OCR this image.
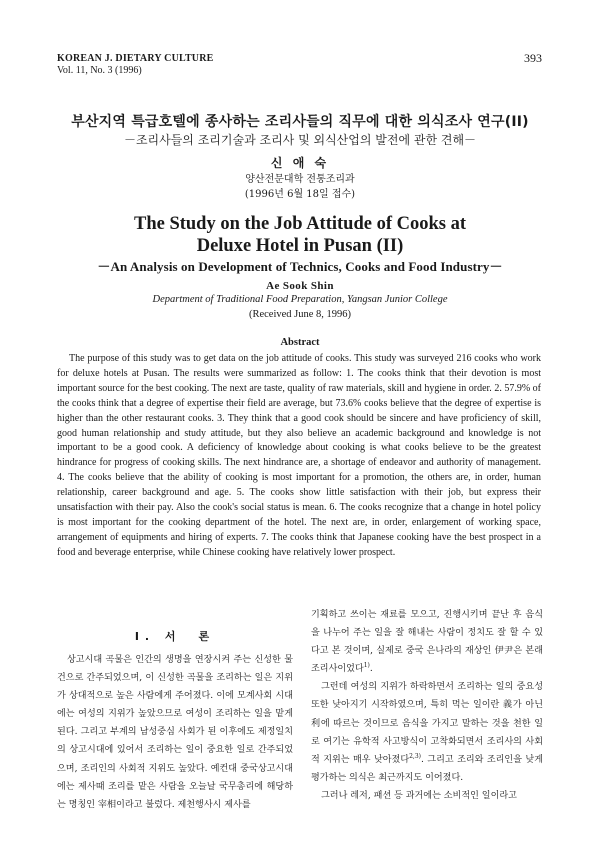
KOREAN J. DIETARY CULTURE
Vol. 11, No. 3 (1996)
393
부산지역 특급호텔에 종사하는 조리사들의 직무에 대한 의식조사 연구(II)
－조리사들의 조리기술과 조리사 및 외식산업의 발전에 관한 견해－
신 애 숙
양산전문대학 전통조리과
(1996년 6월 18일 접수)
The Study on the Job Attitude of Cooks at
Deluxe Hotel in Pusan (II)
－An Analysis on Development of Technics, Cooks and Food Industry－
Ae Sook Shin
Department of Traditional Food Preparation, Yangsan Junior College
(Received June 8, 1996)
Abstract

The purpose of this study was to get data on the job attitude of cooks. This study was surveyed 216 cooks who work for deluxe hotels at Pusan. The results were summarized as follow: 1. The cooks think that their devotion is most important source for the best cooking. The next are taste, quality of raw materials, skill and hygiene in order. 2. 57.9% of the cooks think that a degree of expertise their field are average, but 73.6% cooks believe that the degree of expertise is higher than the other restaurant cooks. 3. They think that a good cook should be sincere and have proficiency of skill, good human relationship and study attitude, but they also believe an academic background and knowledge is not important to be a good cook. A deficiency of knowledge about cooking is what cooks believe to be the greatest hindrance for progress of cooking skills. The next hindrance are, a shortage of endeavor and authority of management. 4. The cooks believe that the ability of cooking is most important for a promotion, the others are, in order, human relationship, career background and age. 5. The cooks show little satisfaction with their job, but express their unsatisfaction with their pay. Also the cook's social status is mean. 6. The cooks recognize that a change in hotel policy is most important for the cooking department of the hotel. The next are, in order, enlargement of working space, arrangement of equipments and hiring of experts. 7. The cooks think that Japanese cooking have the best prospect in a food and beverage enterprise, while Chinese cooking have relatively lower prospect.

I. 서　론

상고시대 곡물은 인간의 생명을 연장시켜 주는 신성한 물건으로 간주되었으며, 이 신성한 곡물을 조리하는 일은 지위가 상대적으로 높은 사람에게 주어졌다. 이에 모계사회 시대에는 여성의 지위가 높았으므로 여성이 조리하는 일을 맡게 된다. 그리고 부계의 남성중심 사회가 된 이후에도 제정일치의 상고시대에 있어서 조리하는 일이 중요한 일로 간주되었으며, 조리인의 사회적 지위도 높았다. 예컨대 중국상고시대에는 제사때 조리를 맡은 사람을 오늘날 국무총리에 해당하는 명칭인 宰相이라고 불렀다. 제천행사시 제사를

기획하고 쓰이는 재료를 모으고, 진행시키며 끝난 후 음식을 나누어 주는 일을 잘 해내는 사람이 정치도 잘 할 수 있다고 본 것이며, 실제로 중국 은나라의 재상인 伊尹은 본래 조리사이었다$^{1)}$.

그런데 여성의 지위가 하락하면서 조리하는 일의 중요성 또한 낮아지기 시작하였으며, 특히 먹는 일이란 義가 아닌 利에 따르는 것이므로 음식을 가지고 말하는 것을 천한 일로 여기는 유학적 사고방식이 고착화되면서 조리사의 사회적 지위는 매우 낮아졌다$^{2,3)}$. 그리고 조리와 조리인을 낮게 평가하는 의식은 최근까지도 이어졌다.

그러나 레저, 패션 등 과거에는 소비적인 일이라고
